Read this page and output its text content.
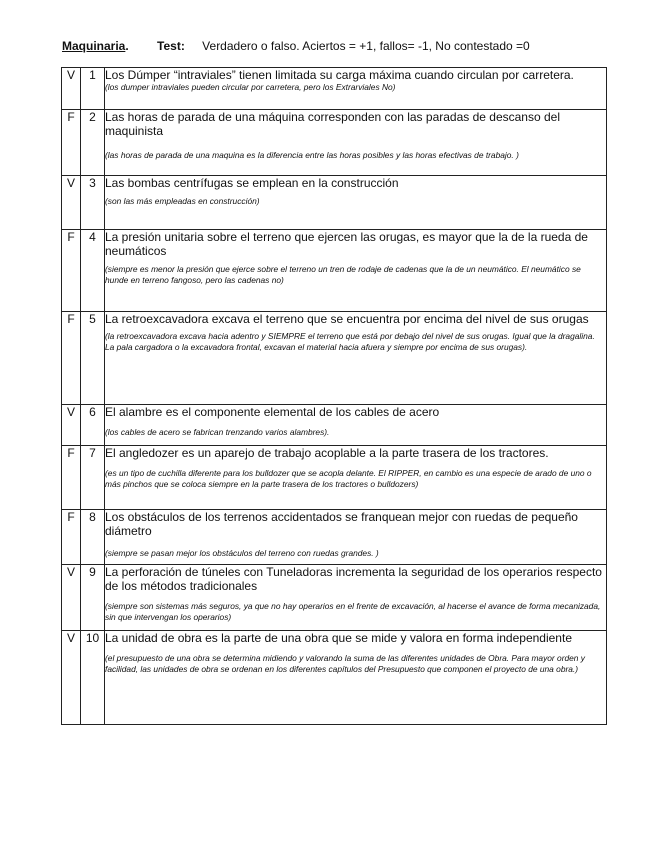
Maquinaria. Test: Verdadero o falso. Aciertos = +1, fallos= -1, No contestado =0
V	1	Los Dúmper “intraviales” tienen limitada su carga máxima cuando circulan por carretera.
(los dumper intraviales pueden circular por carretera, pero los Extrarviales No)

F	2	Las horas de parada de una máquina corresponden con las paradas de descanso del maquinista
(las horas de parada de una maquina es la diferencia entre las horas posibles y las horas efectivas de trabajo. )

V	3	Las bombas centrífugas se emplean en la construcción
(son las más empleadas en construcción)

F	4	La presión unitaria sobre el terreno que ejercen las orugas, es mayor que la de la rueda de neumáticos
(siempre es menor la presión que ejerce sobre el terreno un tren de rodaje de cadenas que la de un neumático. El neumático se hunde en terreno fangoso, pero las cadenas no)

F	5	La retroexcavadora excava el terreno que se encuentra por encima del nivel de sus orugas
(la retroexcavadora excava hacia adentro y SIEMPRE el terreno que está por debajo del nivel de sus orugas. Igual que la dragalina. La pala cargadora o la excavadora frontal, excavan el material hacia afuera y siempre por encima de sus orugas).

V	6	El alambre es el componente elemental de los cables de acero
(los cables de acero se fabrican trenzando varios alambres).

F	7	El angledozer es un aparejo de trabajo acoplable a la parte trasera de los tractores.
(es un tipo de cuchilla diferente para los bulldozer que se acopla delante. El RIPPER, en cambio es una especie de arado de uno o más pinchos que se coloca siempre en la parte trasera de los tractores o bulldozers)

F	8	Los obstáculos de los terrenos accidentados se franquean mejor con ruedas de pequeño diámetro
(siempre se pasan mejor los obstáculos del terreno con ruedas grandes. )

V	9	La perforación de túneles con Tuneladoras incrementa la seguridad de los operarios respecto de los métodos tradicionales
(siempre son sistemas más seguros, ya que no hay operarios en el frente de excavación, al hacerse el avance de forma mecanizada, sin que intervengan los operarios)

V	10	La unidad de obra es la parte de una obra que se mide y valora en forma independiente
(el presupuesto de una obra se determina midiendo y valorando la suma de las diferentes unidades de Obra. Para mayor orden y facilidad, las unidades de obra se ordenan en los diferentes capítulos del Presupuesto que componen el proyecto de una obra.)
